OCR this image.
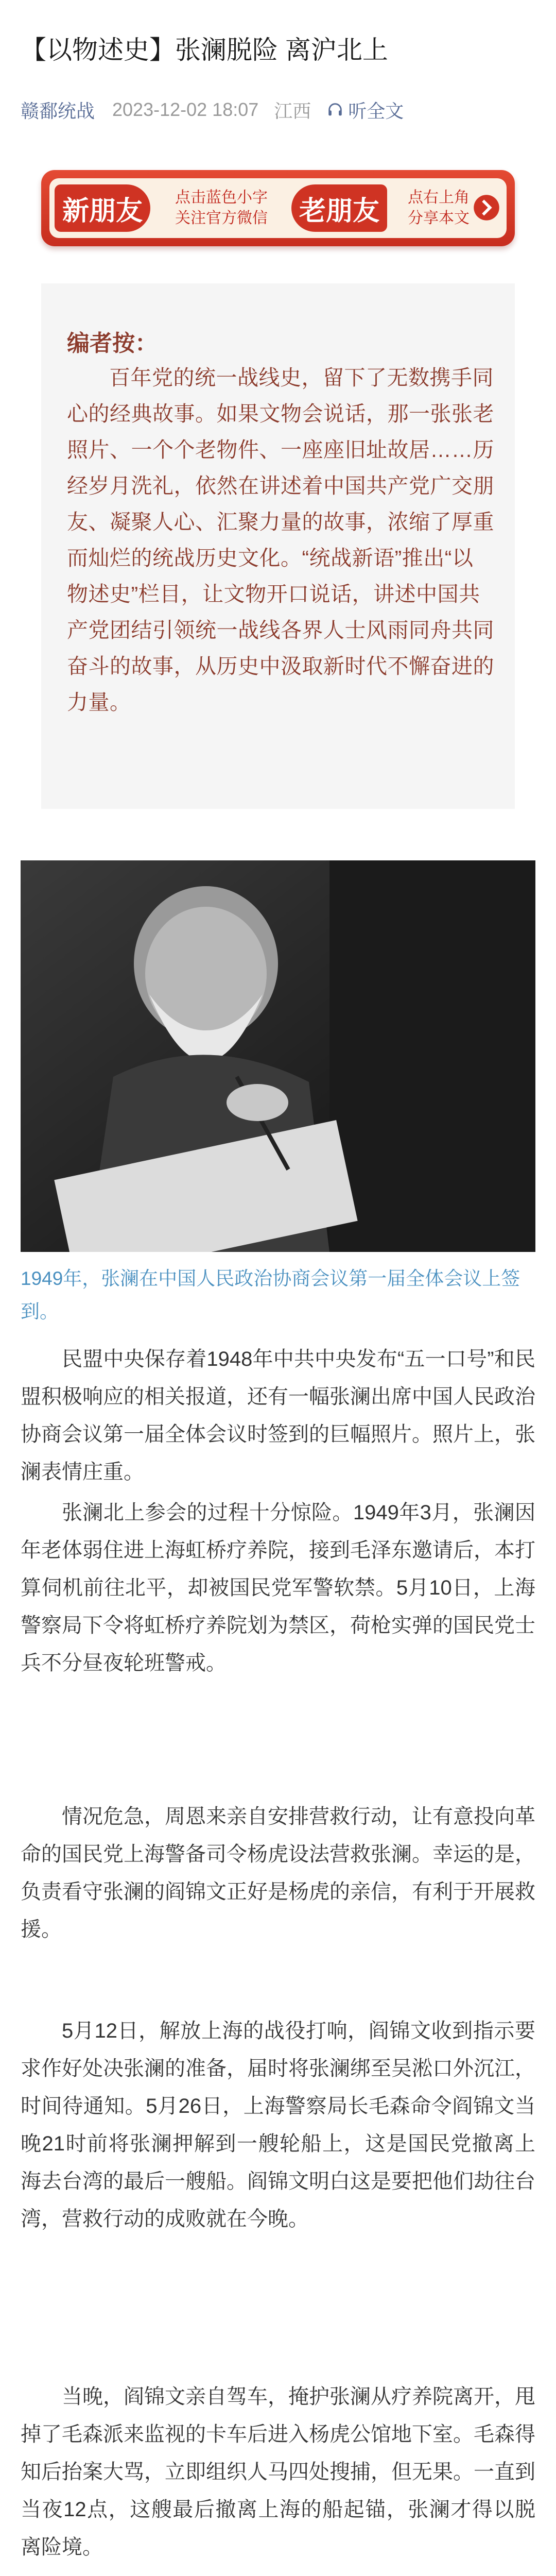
【以物述史】张澜脱险 离沪北上
赣鄱统战 2023-12-02 18:07 江西 听全文
新朋友	点击蓝色小字
关注官方微信	老朋友	点右上角
分享本文
编者按：
百年党的统一战线史，留下了无数携手同心的经典故事。如果文物会说话，那一张张老照片、一个个老物件、一座座旧址故居……历经岁月洗礼，依然在讲述着中国共产党广交朋友、凝聚人心、汇聚力量的故事，浓缩了厚重而灿烂的统战历史文化。“统战新语”推出“以物述史”栏目，让文物开口说话，讲述中国共产党团结引领统一战线各界人士风雨同舟共同奋斗的故事，从历史中汲取新时代不懈奋进的力量。
1949年，张澜在中国人民政治协商会议第一届全体会议上签到。
民盟中央保存着1948年中共中央发布“五一口号”和民盟积极响应的相关报道，还有一幅张澜出席中国人民政治协商会议第一届全体会议时签到的巨幅照片。照片上，张澜表情庄重。
张澜北上参会的过程十分惊险。1949年3月，张澜因年老体弱住进上海虹桥疗养院，接到毛泽东邀请后，本打算伺机前往北平，却被国民党军警软禁。5月10日，上海警察局下令将虹桥疗养院划为禁区，荷枪实弹的国民党士兵不分昼夜轮班警戒。
情况危急，周恩来亲自安排营救行动，让有意投向革命的国民党上海警备司令杨虎设法营救张澜。幸运的是，负责看守张澜的阎锦文正好是杨虎的亲信，有利于开展救援。
5月12日，解放上海的战役打响，阎锦文收到指示要求作好处决张澜的准备，届时将张澜绑至吴淞口外沉江，时间待通知。5月26日，上海警察局长毛森命令阎锦文当晚21时前将张澜押解到一艘轮船上，这是国民党撤离上海去台湾的最后一艘船。阎锦文明白这是要把他们劫往台湾，营救行动的成败就在今晚。
当晚，阎锦文亲自驾车，掩护张澜从疗养院离开，甩掉了毛森派来监视的卡车后进入杨虎公馆地下室。毛森得知后抬案大骂，立即组织人马四处搜捕，但无果。一直到当夜12点，这艘最后撤离上海的船起锚，张澜才得以脱离险境。
